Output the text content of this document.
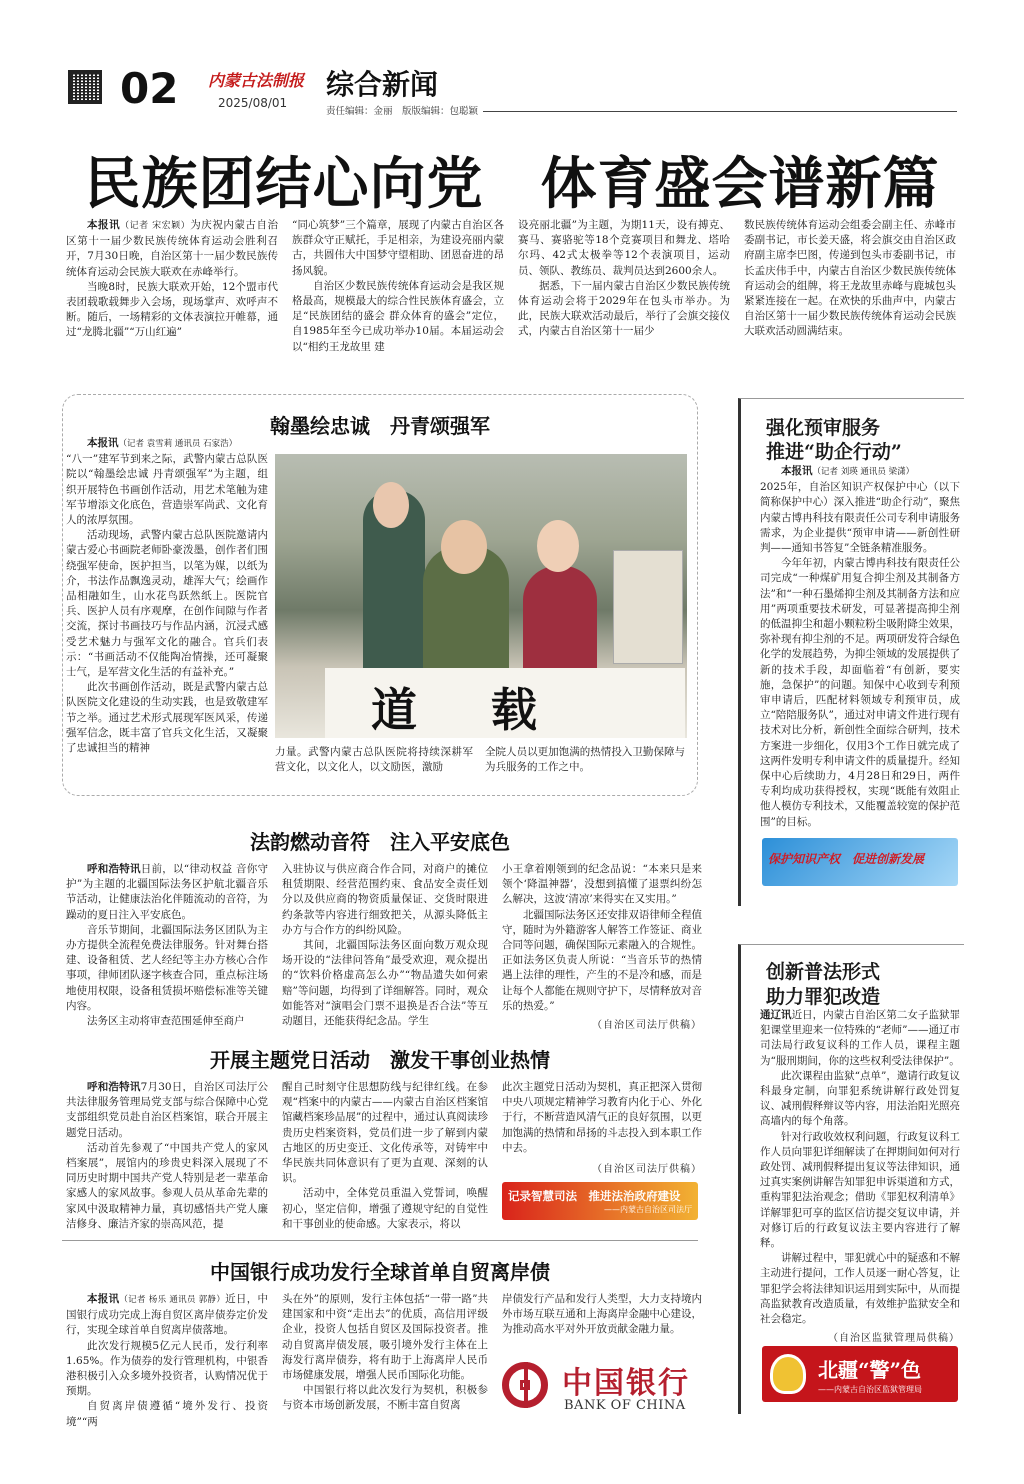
02 内蒙古法制报
2025/08/01
综合新闻
责任编辑：金丽　版版编辑：包聪颖
民族团结心向党　体育盛会谱新篇

本报讯（记者 宋宏颖）为庆祝内蒙古自治区第十一届少数民族传统体育运动会胜利召开，7月30日晚，自治区第十一届少数民族传统体育运动会民族大联欢在赤峰举行。

当晚8时，民族大联欢开始，12个盟市代表团载歌载舞步入会场，现场掌声、欢呼声不断。随后，一场精彩的文体表演拉开帷幕，通过“龙腾北疆”“万山红遍”

“同心筑梦”三个篇章，展现了内蒙古自治区各族群众守正赋托，手足相亲，为建设亮丽内蒙古，共圆伟大中国梦守望相助、团恩奋进的昂扬风貌。

自治区少数民族传统体育运动会是我区规格最高，规模最大的综合性民族体育盛会，立足“民族团结的盛会 群众体育的盛会”定位，自1985年至今已成功举办10届。本届运动会以“相约王龙故里 建

设亮丽北疆”为主题，为期11天，设有搏克、赛马、赛骆驼等18个竞赛项目和舞龙、塔哈尔玛、42式太极拳等12个表演项目，运动员、领队、教练员、裁判员达到2600余人。

据悉，下一届内蒙古自治区少数民族传统体育运动会将于2029年在包头市举办。为此，民族大联欢活动最后，举行了会旗交接仪式，内蒙古自治区第十一届少

数民族传统体育运动会组委会副主任、赤峰市委副书记，市长姜天盛，将会旗交由自治区政府副主席李巴图，传递到包头市委副书记，市长孟庆伟手中，内蒙古自治区少数民族传统体育运动会的组牌，将王龙故里赤峰与鹿城包头紧紧连接在一起。在欢快的乐曲声中，内蒙古自治区第十一届少数民族传统体育运动会民族大联欢活动圆满结束。

翰墨绘忠诚　丹青颂强军

本报讯（记者 袁雪莉 通讯员 石家浩）

“八一”建军节到来之际，武警内蒙古总队医院以“翰墨绘忠诚 丹青颂强军”为主题，组织开展特色书画创作活动，用艺术笔触为建军节增添文化底色，营造崇军尚武、文化育人的浓厚氛围。

活动现场，武警内蒙古总队医院邀请内蒙古爱心书画院老师卧豪泼墨，创作者们围绕强军使命，医护担当，以笔为媒，以纸为介，书法作品飘逸灵动，雄浑大气；绘画作品相融如生，山水花鸟跃然纸上。医院官兵、医护人员有序观摩，在创作间隙与作者交流，探讨书画技巧与作品内涵，沉浸式感受艺术魅力与强军文化的融合。官兵们表示：“书画活动不仅能陶冶情操，还可凝聚士气，是军营文化生活的有益补充。”

此次书画创作活动，既是武警内蒙古总队医院文化建设的生动实践，也是致敬建军节之举。通过艺术形式展现军医风采，传递强军信念，既丰富了官兵文化生活，又凝聚了忠诚担当的精神

道　载

力量。武警内蒙古总队医院将持续深耕军营文化，以文化人，以文励医，激励

全院人员以更加饱满的热情投入卫勤保障与为兵服务的工作之中。

法韵燃动音符　注入平安底色

呼和浩特讯日前，以“律动权益 音你守护”为主题的北疆国际法务区护航北疆音乐节活动，让健康法治化伴随流动的音符，为躁动的夏日注入平安底色。

音乐节期间，北疆国际法务区团队为主办方提供全流程免费法律服务。针对舞台搭建、设备租赁、艺人经纪等主办方核心合作事项，律师团队逐字核查合同，重点标注场地使用权限，设备租赁损坏赔偿标准等关键内容。

法务区主动将审查范围延伸至商户

入驻协议与供应商合作合同，对商户的摊位租赁期限、经营范围约束、食品安全责任划分以及供应商的物资质量保证、交货时限进约条款等内容进行细致把关，从源头降低主办方与合作方的纠纷风险。

其间，北疆国际法务区面向数万观众现场开设的“法律问答角”最受欢迎，观众提出的“饮料价格虚高怎么办”“物品遗失如何索赔”等问题，均得到了详细解答。同时，观众如能答对“演唱会门票不退换是否合法”等互动题目，还能获得纪念品。学生

小王拿着刚领到的纪念品说：“本来只是来领个‘降温神器’，没想到搞懂了退票纠纷怎么解决，这波‘清凉’来得实在又实用。”

北疆国际法务区还安排双语律师全程值守，随时为外籍游客人解答工作签证、商业合同等问题，确保国际元素融入的合规性。正如法务区负责人所说：“当音乐节的热情遇上法律的理性，产生的不是冷和感，而是让每个人都能在规则守护下，尽情释放对音乐的热爱。”

（自治区司法厅供稿）

开展主题党日活动　激发干事创业热情

呼和浩特讯7月30日，自治区司法厅公共法律服务管理局党支部与综合保障中心党支部组织党员赴自治区档案馆，联合开展主题党日活动。

活动首先参观了“中国共产党人的家风档案展”，展馆内的珍贵史料深入展现了不同历史时期中国共产党人特别是老一辈革命家感人的家风故事。参观人员从革命先辈的家风中汲取精神力量，真切感悟共产党人廉洁修身、廉洁齐家的崇高风范，提

醒自己时刻守住思想防线与纪律红线。在参观“档案中的内蒙古——内蒙古自治区档案馆馆藏档案珍品展”的过程中，通过认真阅读珍贵历史档案资料，党员们进一步了解到内蒙古地区的历史变迁、文化传承等，对铸牢中华民族共同体意识有了更为直观、深刻的认识。

活动中，全体党员重温入党誓词，唤醒初心，坚定信仰，增强了遵规守纪的自觉性和干事创业的使命感。大家表示，将以

此次主题党日活动为契机，真正把深入贯彻中央八项规定精神学习教育内化于心、外化于行，不断营造风清气正的良好氛围，以更加饱满的热情和昂扬的斗志投入到本职工作中去。

（自治区司法厅供稿）

记录智慧司法　推进法治政府建设
——内蒙古自治区司法厅
中国银行成功发行全球首单自贸离岸债

本报讯（记者 杨乐 通讯员 郭静）近日，中国银行成功完成上海自贸区离岸债券定价发行，实现全球首单自贸离岸债落地。

此次发行规模5亿元人民币，发行利率1.65%。作为债券的发行管理机构，中银香港积极引入众多境外投资者，认购情况优于预期。

自贸离岸债遵循“境外发行、投资境”“两

头在外”的原则，发行主体包括“一带一路”共建国家和中资“走出去”的优质，高信用评级企业，投资人包括自贸区及国际投资者。推动自贸离岸债发展，吸引境外发行主体在上海发行离岸债券，将有助于上海离岸人民币市场健康发展，增强人民币国际化功能。

中国银行将以此次发行为契机，积极参与资本市场创新发展，不断丰富自贸离

岸债发行产品和发行人类型，大力支持境内外市场互联互通和上海离岸金融中心建设，为推动高水平对外开放贡献金融力量。

中国银行
BANK OF CHINA
强化预审服务
推进“助企行动”

本报讯（记者 刘瑛 通讯员 梁潇）

2025年，自治区知识产权保护中心（以下简称保护中心）深入推进“助企行动”，聚焦内蒙古博冉科技有限责任公司专利申请服务需求，为企业提供“预审申请——新创性研判——通知书答复”全链条精准服务。

今年年初，内蒙古博冉科技有限责任公司完成“一种煤矿用复合抑尘剂及其制备方法”和“一种石墨烯抑尘剂及其制备方法和应用”两项重要技术研发，可显著提高抑尘剂的低温抑尘和超小颗粒粉尘吸附降尘效果，弥补现有抑尘剂的不足。两项研发符合绿色化学的发展趋势，为抑尘领域的发展提供了新的技术手段，却面临着“有创新，要实施，急保护”的问题。知保中心收到专利预审申请后，匹配材料领域专利预审员，成立“陪陪服务队”，通过对申请文件进行现有技术对比分析，新创性全面综合研判，技术方案进一步细化，仅用3个工作日就完成了这两件发明专利申请文件的质量提升。经知保中心后续助力，4月28日和29日，两件专利均成功获得授权，实现“既能有效阻止他人模仿专利技术，又能覆盖较宽的保护范围”的目标。

保护知识产权　促进创新发展
创新普法形式
助力罪犯改造

通辽讯近日，内蒙古自治区第二女子监狱罪犯课堂里迎来一位特殊的“老师”——通辽市司法局行政复议科的工作人员，课程主题为“服刑期间，你的这些权利受法律保护”。

此次课程由监狱“点单”，邀请行政复议科最身定制，向罪犯系统讲解行政处罚复议、减刑假释辩议等内容，用法治阳光照亮高墙内的每个角落。

针对行政收效权利问题，行政复议科工作人员向罪犯详细解读了在押期间如何对行政处罚、减刑假释提出复议等法律知识，通过真实案例讲解告知罪犯申诉渠道和方式，重构罪犯法治观念；借助《罪犯权利清单》详解罪犯可享的监区信访提交复议申请，并对修订后的行政复议法主要内容进行了解释。

讲解过程中，罪犯就心中的疑惑和不解主动进行提问，工作人员逐一耐心答复，让罪犯学会将法律知识运用到实际中，从而提高监狱教育改造质量，有效维护监狱安全和社会稳定。

（自治区监狱管理局供稿）

北疆“警”色
——内蒙古自治区监狱管理局
